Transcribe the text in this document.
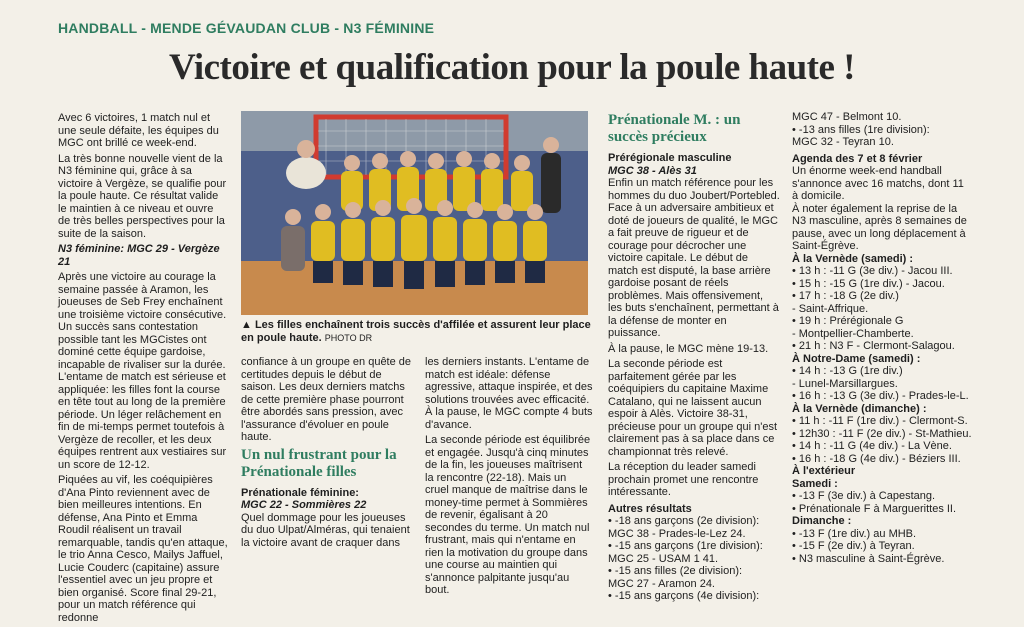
HANDBALL - MENDE GÉVAUDAN CLUB - N3 FÉMININE
Victoire et qualification pour la poule haute !

Avec 6 victoires, 1 match nul et une seule défaite, les équipes du MGC ont brillé ce week-end.

La très bonne nouvelle vient de la N3 féminine qui, grâce à sa victoire à Vergèze, se qualifie pour la poule haute. Ce résultat valide le maintien à ce niveau et ouvre de très belles perspectives pour la suite de la saison.

N3 féminine: MGC 29 - Vergèze 21

Après une victoire au courage la semaine passée à Aramon, les joueuses de Seb Frey enchaînent une troisième victoire consécutive. Un succès sans contestation possible tant les MGCistes ont dominé cette équipe gardoise, incapable de rivaliser sur la durée. L'entame de match est sérieuse et appliquée: les filles font la course en tête tout au long de la première période. Un léger relâchement en fin de mi-temps permet toutefois à Vergèze de recoller, et les deux équipes rentrent aux vestiaires sur un score de 12-12.

Piquées au vif, les coéquipières d'Ana Pinto reviennent avec de bien meilleures intentions. En défense, Ana Pinto et Emma Roudil réalisent un travail remarquable, tandis qu'en attaque, le trio Anna Cesco, Mailys Jaffuel, Lucie Couderc (capitaine) assure l'essentiel avec un jeu propre et bien organisé. Score final 29-21, pour un match référence qui redonne

▲ Les filles enchaînent trois succès d'affilée et assurent leur place en poule haute. PHOTO DR

confiance à un groupe en quête de certitudes depuis le début de saison. Les deux derniers matchs de cette première phase pourront être abordés sans pression, avec l'assurance d'évoluer en poule haute.

Un nul frustrant pour la Prénationale filles

Prénationale féminine:

MGC 22 - Sommières 22

Quel dommage pour les joueuses du duo Ulpat/Alméras, qui tenaient la victoire avant de craquer dans

les derniers instants. L'entame de match est idéale: défense agressive, attaque inspirée, et des solutions trouvées avec efficacité. À la pause, le MGC compte 4 buts d'avance.

La seconde période est équilibrée et engagée. Jusqu'à cinq minutes de la fin, les joueuses maîtrisent la rencontre (22-18). Mais un cruel manque de maîtrise dans le money-time permet à Sommières de revenir, égalisant à 20 secondes du terme. Un match nul frustrant, mais qui n'entame en rien la motivation du groupe dans une course au maintien qui s'annonce palpitante jusqu'au bout.

Prénationale M. : un succès précieux

Prérégionale masculine

MGC 38 - Alès 31

Enfin un match référence pour les hommes du duo Joubert/Portebled. Face à un adversaire ambitieux et doté de joueurs de qualité, le MGC a fait preuve de rigueur et de courage pour décrocher une victoire capitale. Le début de match est disputé, la base arrière gardoise posant de réels problèmes. Mais offensivement, les buts s'enchaînent, permettant à la défense de monter en puissance.

À la pause, le MGC mène 19-13.

La seconde période est parfaitement gérée par les coéquipiers du capitaine Maxime Catalano, qui ne laissent aucun espoir à Alès. Victoire 38-31, précieuse pour un groupe qui n'est clairement pas à sa place dans ce championnat très relevé.

La réception du leader samedi prochain promet une rencontre intéressante.

Autres résultats

• -18 ans garçons (2e division):
MGC 38 - Prades-le-Lez 24.
• -15 ans garçons (1re division):
MGC 25 - USAM 1 41.
• -15 ans filles (2e division):
MGC 27 - Aramon 24.
• -15 ans garçons (4e division):
MGC 47 - Belmont 10.
• -13 ans filles (1re division):
MGC 32 - Teyran 10.
Agenda des 7 et 8 février
Un énorme week-end handball s'annonce avec 16 matchs, dont 11 à domicile.
À noter également la reprise de la N3 masculine, après 8 semaines de pause, avec un long déplacement à Saint-Égrève.
À la Vernède (samedi) :
• 13 h : -11 G (3e div.) - Jacou III.
• 15 h : -15 G (1re div.) - Jacou.
• 17 h : -18 G (2e div.)
- Saint-Affrique.
• 19 h : Prérégionale G
- Montpellier-Chamberte.
• 21 h : N3 F - Clermont-Salagou.
À Notre-Dame (samedi) :
• 14 h : -13 G (1re div.)
- Lunel-Marsillargues.
• 16 h : -13 G (3e div.) - Prades-le-L.
À la Vernède (dimanche) :
• 11 h : -11 F (1re div.) - Clermont-S.
• 12h30 : -11 F (2e div.) - St-Mathieu.
• 14 h : -11 G (4e div.) - La Vène.
• 16 h : -18 G (4e div.) - Béziers III.
À l'extérieur
Samedi :
• -13 F (3e div.) à Capestang.
• Prénationale F à Marguerittes II.
Dimanche :
• -13 F (1re div.) au MHB.
• -15 F (2e div.) à Teyran.
• N3 masculine à Saint-Égrève.
